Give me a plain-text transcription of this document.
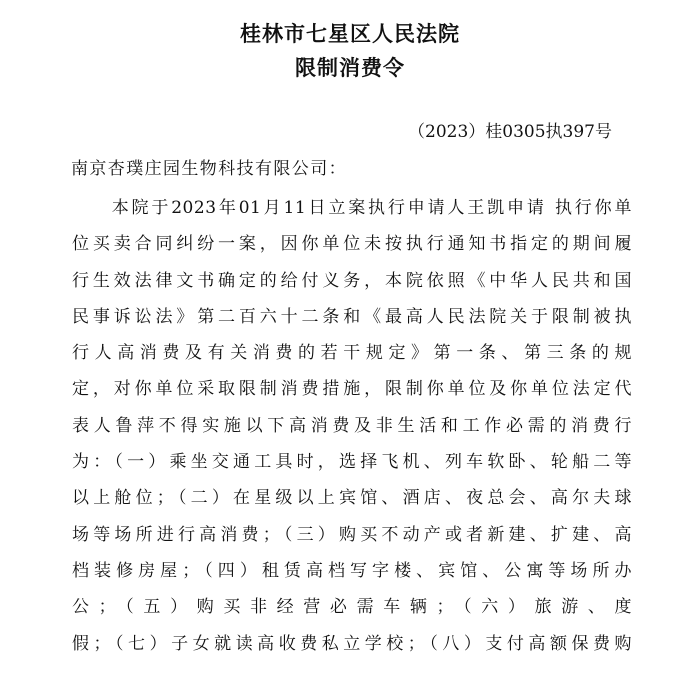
桂林市七星区人民法院
限制消费令
（2023）桂0305执397号
南京杏璞庄园生物科技有限公司：
　　本院于2023年01月11日立案执行申请人王凯申请 执行你单
位买卖合同纠纷一案，因你单位未按执行通知书指定的期间履
行生效法律文书确定的给付义务，本院依照《中华人民共和国
民事诉讼法》第二百六十二条和《最高人民法院关于限制被执
行人高消费及有关消费的若干规定》第一条、第三条的规
定，对你单位采取限制消费措施，限制你单位及你单位法定代
表人鲁萍不得实施以下高消费及非生活和工作必需的消费行
为：（一）乘坐交通工具时，选择飞机、列车软卧、轮船二等
以上舱位；（二）在星级以上宾馆、酒店、夜总会、高尔夫球
场等场所进行高消费；（三）购买不动产或者新建、扩建、高
档装修房屋；（四）租赁高档写字楼、宾馆、公寓等场所办
公；（五）购买非经营必需车辆；（六）旅游、度
假；（七）子女就读高收费私立学校；（八）支付高额保费购
